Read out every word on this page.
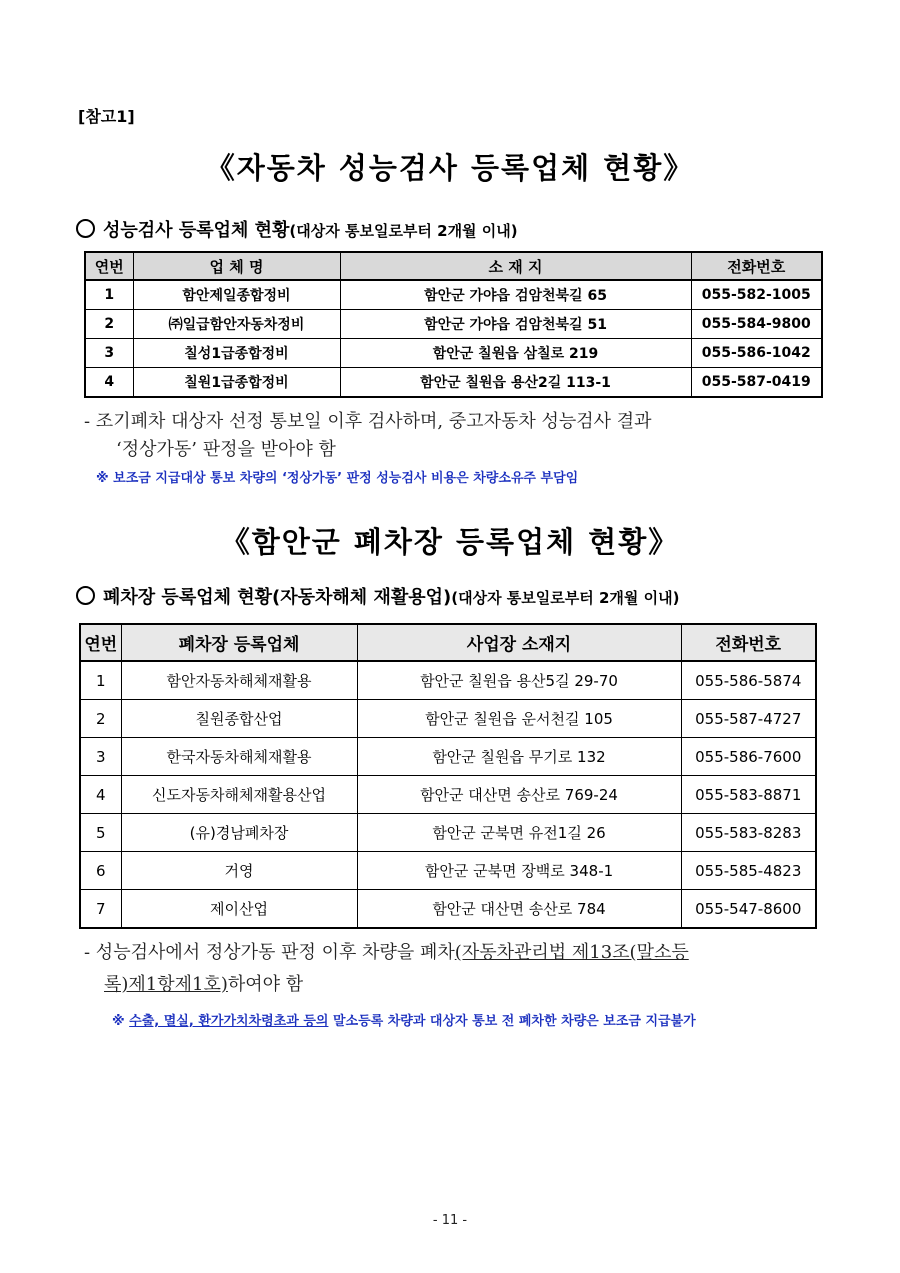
[참고1]
《자동차 성능검사 등록업체 현황》
성능검사 등록업체 현황(대상자 통보일로부터 2개월 이내)
연번	업 체 명	소 재 지	전화번호
1	함안제일종합정비	함안군 가야읍 검암천북길 65	055-582-1005
2	㈜일급함안자동차정비	함안군 가야읍 검암천북길 51	055-584-9800
3	칠성1급종합정비	함안군 칠원읍 삼칠로 219	055-586-1042
4	칠원1급종합정비	함안군 칠원읍 용산2길 113-1	055-587-0419
- 조기폐차 대상자 선정 통보일 이후 검사하며, 중고자동차 성능검사 결과
‘정상가동’ 판정을 받아야 함
※ 보조금 지급대상 통보 차량의 ‘정상가동’ 판정 성능검사 비용은 차량소유주 부담임
《함안군 폐차장 등록업체 현황》
폐차장 등록업체 현황(자동차해체 재활용업)(대상자 통보일로부터 2개월 이내)
연번	폐차장 등록업체	사업장 소재지	전화번호
1	함안자동차해체재활용	함안군 칠원읍 용산5길 29-70	055-586-5874
2	칠원종합산업	함안군 칠원읍 운서천길 105	055-587-4727
3	한국자동차해체재활용	함안군 칠원읍 무기로 132	055-586-7600
4	신도자동차해체재활용산업	함안군 대산면 송산로 769-24	055-583-8871
5	(유)경남폐차장	함안군 군북면 유전1길 26	055-583-8283
6	거영	함안군 군북면 장백로 348-1	055-585-4823
7	제이산업	함안군 대산면 송산로 784	055-547-8600
- 성능검사에서 정상가동 판정 이후 차량을 폐차(자동차관리법 제13조(말소등
록)제1항제1호)하여야 함
※ 수출, 멸실, 환가가치차령초과 등의 말소등록 차량과 대상자 통보 전 폐차한 차량은 보조금 지급불가
- 11 -
